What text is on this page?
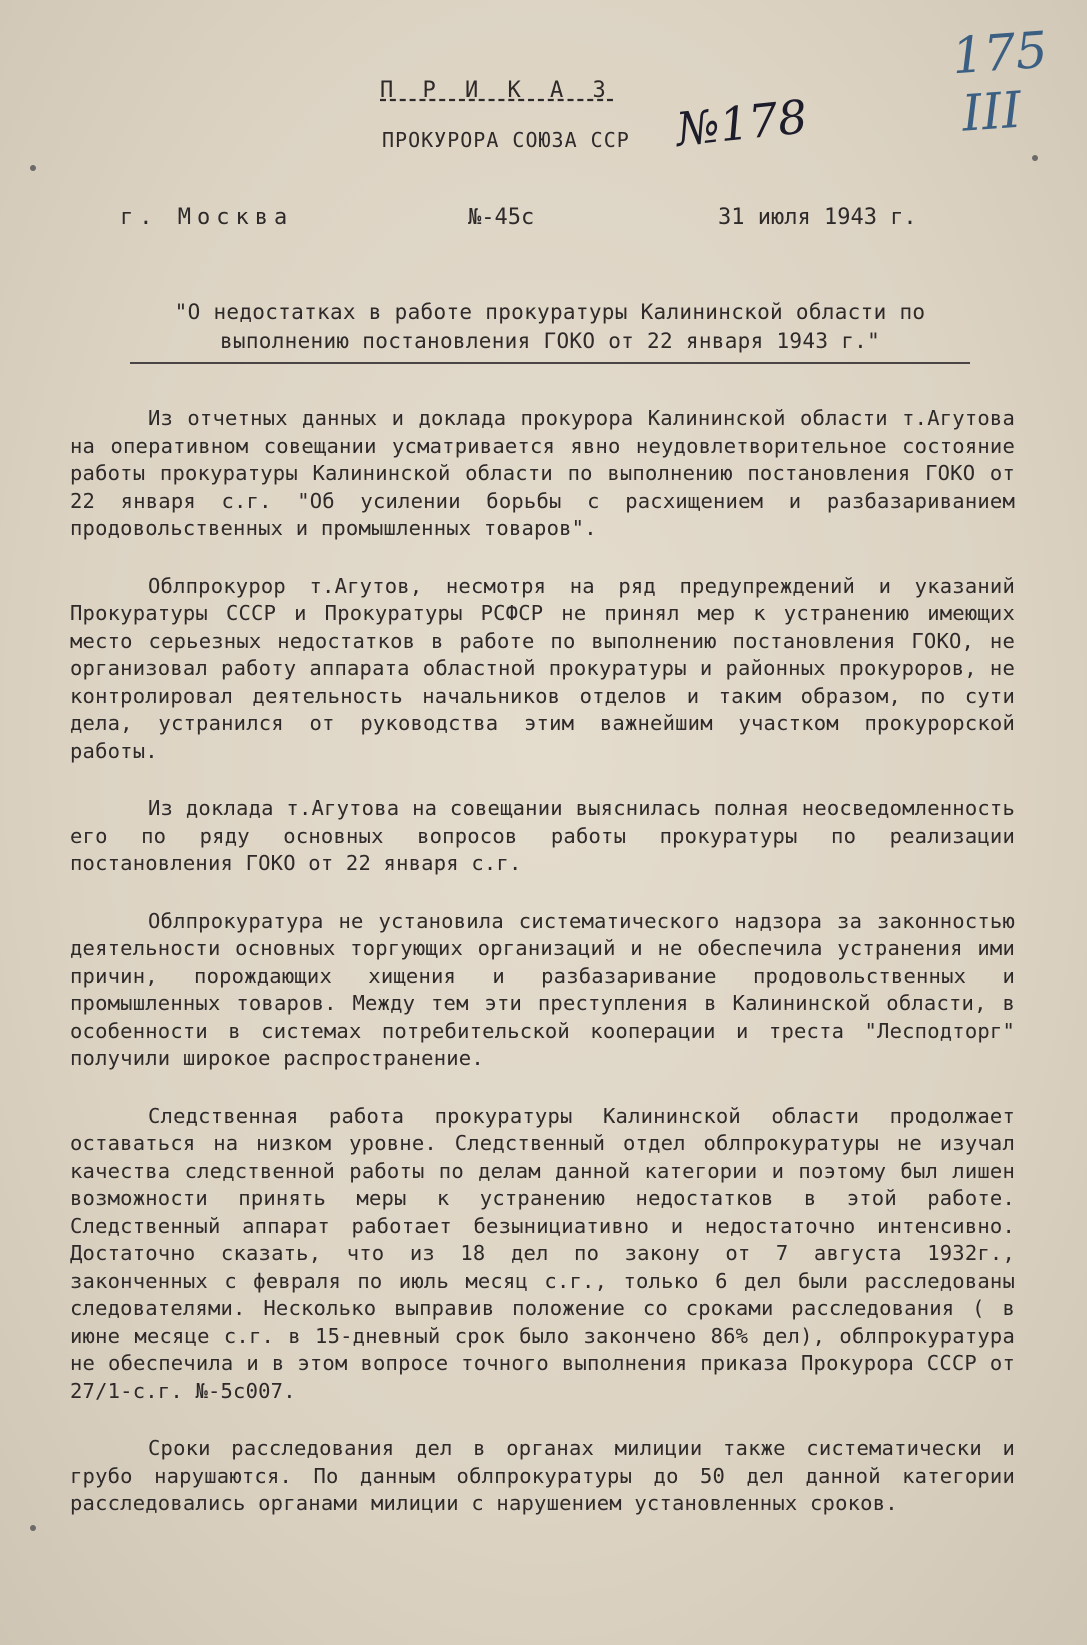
175
III
П Р И К А З
ПРОКУРОРА СОЮЗА ССР №178
г. Москва	№-45с	31 июля 1943 г.
"О недостатках в работе прокуратуры Калининской области по выполнению постановления ГОКО от 22 января 1943 г."

Из отчетных данных и доклада прокурора Калининской области т.Агутова на оперативном совещании усматривается явно неудовлетворительное состояние работы прокуратуры Калининской области по выполнению постановления ГОКО от 22 января с.г. "Об усилении борьбы с расхищением и разбазариванием продовольственных и промышленных товаров".

Облпрокурор т.Агутов, несмотря на ряд предупреждений и указаний Прокуратуры СССР и Прокуратуры РСФСР не принял мер к устранению имеющих место серьезных недостатков в работе по выполнению постановления ГОКО, не организовал работу аппарата областной прокуратуры и районных прокуроров, не контролировал деятельность начальников отделов и таким образом, по сути дела, устранился от руководства этим важнейшим участком прокурорской работы.

Из доклада т.Агутова на совещании выяснилась полная неосведомленность его по ряду основных вопросов работы прокуратуры по реализации постановления ГОКО от 22 января с.г.

Облпрокуратура не установила систематического надзора за законностью деятельности основных торгующих организаций и не обеспечила устранения ими причин, порождающих хищения и разбазаривание продовольственных и промышленных товаров. Между тем эти преступления в Калининской области, в особенности в системах потребительской кооперации и треста "Лесподторг" получили широкое распространение.

Следственная работа прокуратуры Калининской области продолжает оставаться на низком уровне. Следственный отдел облпрокуратуры не изучал качества следственной работы по делам данной категории и поэтому был лишен возможности принять меры к устранению недостатков в этой работе. Следственный аппарат работает безынициативно и недостаточно интенсивно. Достаточно сказать, что из 18 дел по закону от 7 августа 1932г., законченных с февраля по июль месяц с.г., только 6 дел были расследованы следователями. Несколько выправив положение со сроками расследования ( в июне месяце с.г. в 15-дневный срок было закончено 86% дел), облпрокуратура не обеспечила и в этом вопросе точного выполнения приказа Прокурора СССР от 27/1-с.г. №-5с007.

Сроки расследования дел в органах милиции также систематически и грубо нарушаются. По данным облпрокуратуры до 50 дел данной категории расследовались органами милиции с нарушением установленных сроков.
